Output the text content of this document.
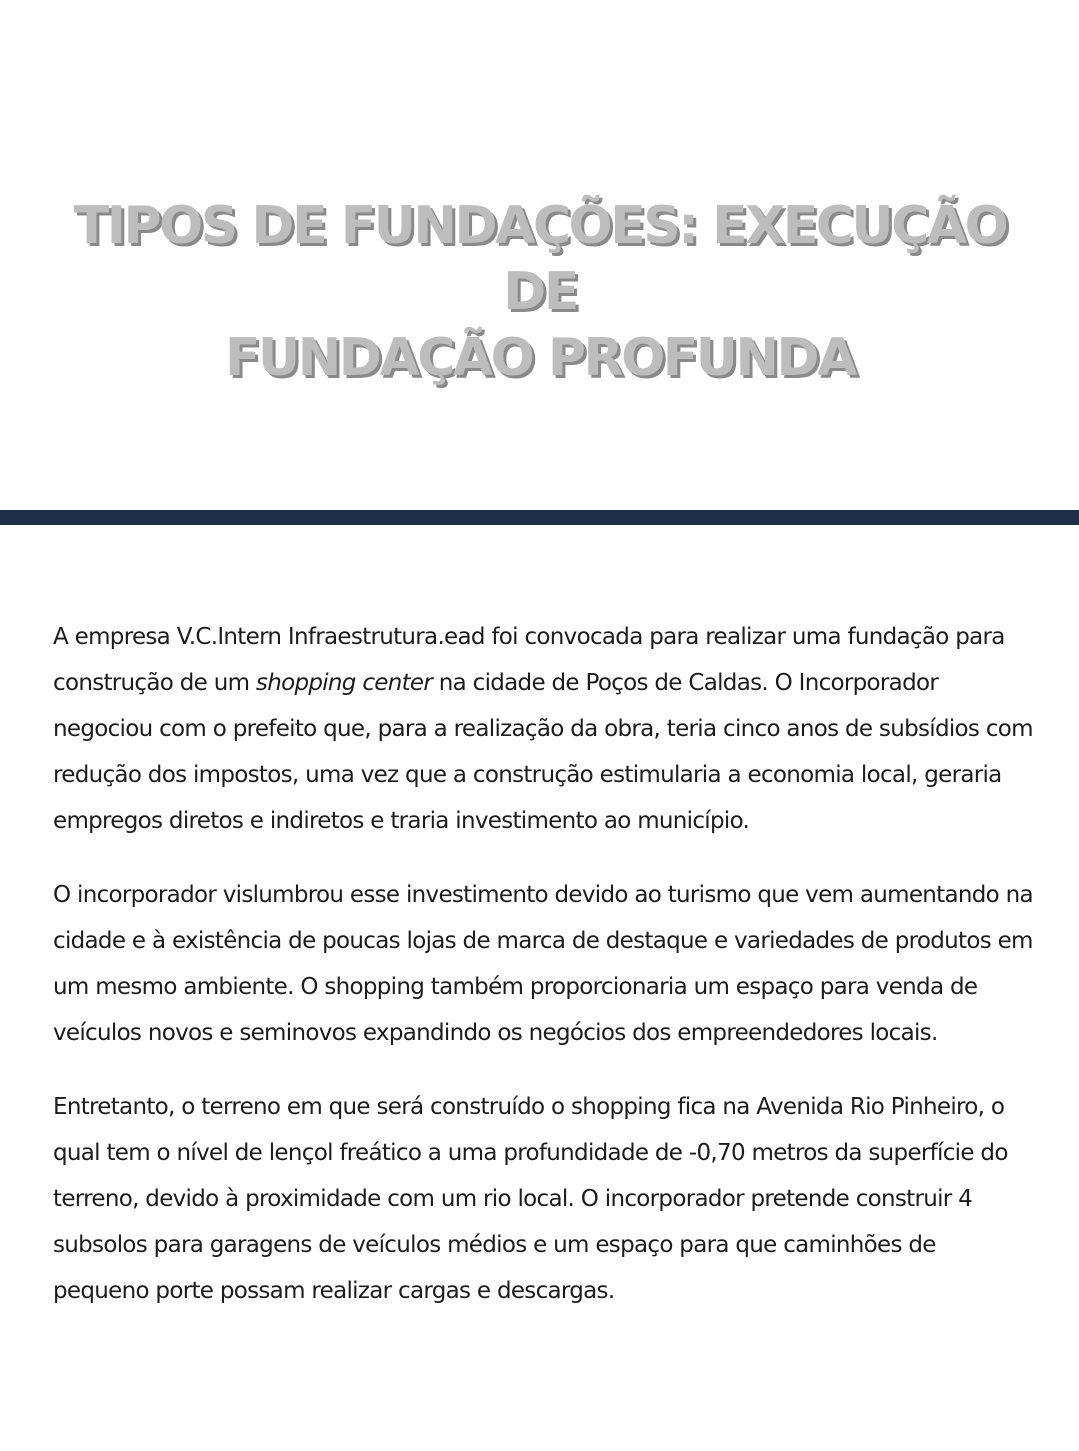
TIPOS DE FUNDAÇÕES: EXECUÇÃO DE
FUNDAÇÃO PROFUNDA

A empresa V.C.Intern Infraestrutura.ead foi convocada para realizar uma fundação para construção de um shopping center na cidade de Poços de Caldas. O Incorporador negociou com o prefeito que, para a realização da obra, teria cinco anos de subsídios com redução dos impostos, uma vez que a construção estimularia a economia local, geraria empregos diretos e indiretos e traria investimento ao município.

O incorporador vislumbrou esse investimento devido ao turismo que vem aumentando na cidade e à existência de poucas lojas de marca de destaque e variedades de produtos em um mesmo ambiente. O shopping também proporcionaria um espaço para venda de veículos novos e seminovos expandindo os negócios dos empreendedores locais.

Entretanto, o terreno em que será construído o shopping fica na Avenida Rio Pinheiro, o qual tem o nível de lençol freático a uma profundidade de -0,70 metros da superfície do terreno, devido à proximidade com um rio local. O incorporador pretende construir 4 subsolos para garagens de veículos médios e um espaço para que caminhões de pequeno porte possam realizar cargas e descargas.
